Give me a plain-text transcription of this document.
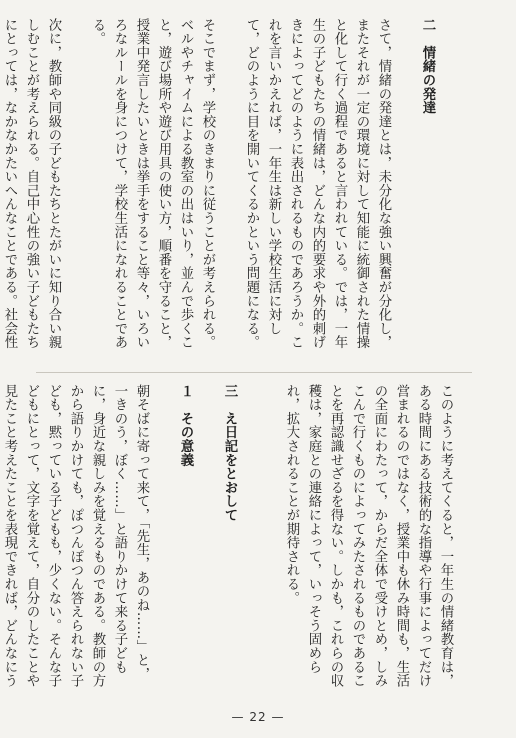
二　情緒の発達

さて，情緒の発達とは，未分化な強い興奮が分化し，またそれが一定の環境に対して知能に統御された情操と化して行く過程であると言われている。では，一年生の子どもたちの情緒は，どんな内的要求や外的刺げきによってどのように表出されるものであろうか。これを言いかえれば，一年生は新しい学校生活に対して，どのように目を開いてくるかという問題になる。

そこでまず，学校のきまりに従うことが考えられる。ベルやチャイムによる教室の出はいり，並んで歩くこと，遊び場所や遊び用具の使い方，順番を守ること，授業中発言したいときは挙手をすること等々，いろいろなルールを身につけて，学校生活になれることである。

次に，教師や同級の子どもたちとたがいに知り合い親しむことが考えられる。自己中心性の強い子どもたちにとっては，なかなかたいへんなことである。社会性

このように考えてくると，一年生の情緒教育は，ある時間にある技術的な指導や行事によってだけ営まれるのではなく，授業中も休み時間も，生活の全面にわたって，からだ全体で受けとめ，しみこんで行くものによってみたされるものであることを再認識せざるを得ない。しかも，これらの収穫は，家庭との連絡によって，いっそう固められ，拡大されることが期待される。

三　え日記をとおして

１　その意義

朝そばに寄って来て，「先生，あのね……」と，一きのう，ぼく……」と語りかけて来る子どもに，身近な親しみを覚えるものである。教師の方から語りかけても，ぽつんぽつん答えられない子ども，黙っている子どもも，少くない。そんな子どもにとって，文字を覚えて，自分のしたことや見たこと考えたことを表現できれば，どんなにう

— 22 —
